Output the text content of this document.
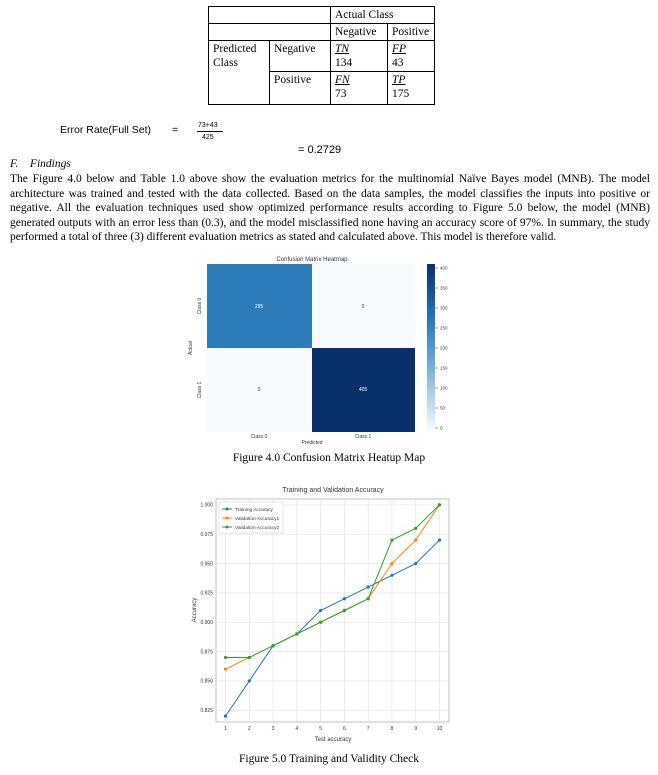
		Actual Class	
		Negative	Positive
Predicted
Class	Negative	TN
134	FP
43
	Positive	FN
73	TP
175
Error Rate(Full Set) =	73+43
425
= 0.2729
F. Findings

The Figure 4.0 below and Table 1.0 above show the evaluation metrics for the multinomial Naïve Bayes model (MNB). The model architecture was trained and tested with the data collected. Based on the data samples, the model classifies the inputs into positive or negative. All the evaluation techniques used show optimized performance results according to Figure 5.0 below, the model (MNB) generated outputs with an error less than (0.3), and the model misclassified none having an accuracy score of 97%. In summary, the study performed a total of three (3) different evaluation metrics as stated and calculated above. This model is therefore valid.

Confusion Matrix Heatmap
295	0
0	405
Class 0	Class 1
Predicted
Class 0
Class 1
Actual
400
350
300
250
200
150
100
50
0
Figure 4.0 Confusion Matrix Heatup Map
Training and Validation Accuracy
1.000
0.975
0.950
0.925
0.900
0.875
0.850
0.825
1	2	3	4	5	6	7	8	9	10
Training Accuracy
Validation Accuracy1
Validation Accuracy2
Test accuracy
Accuracy
Figure 5.0 Training and Validity Check
